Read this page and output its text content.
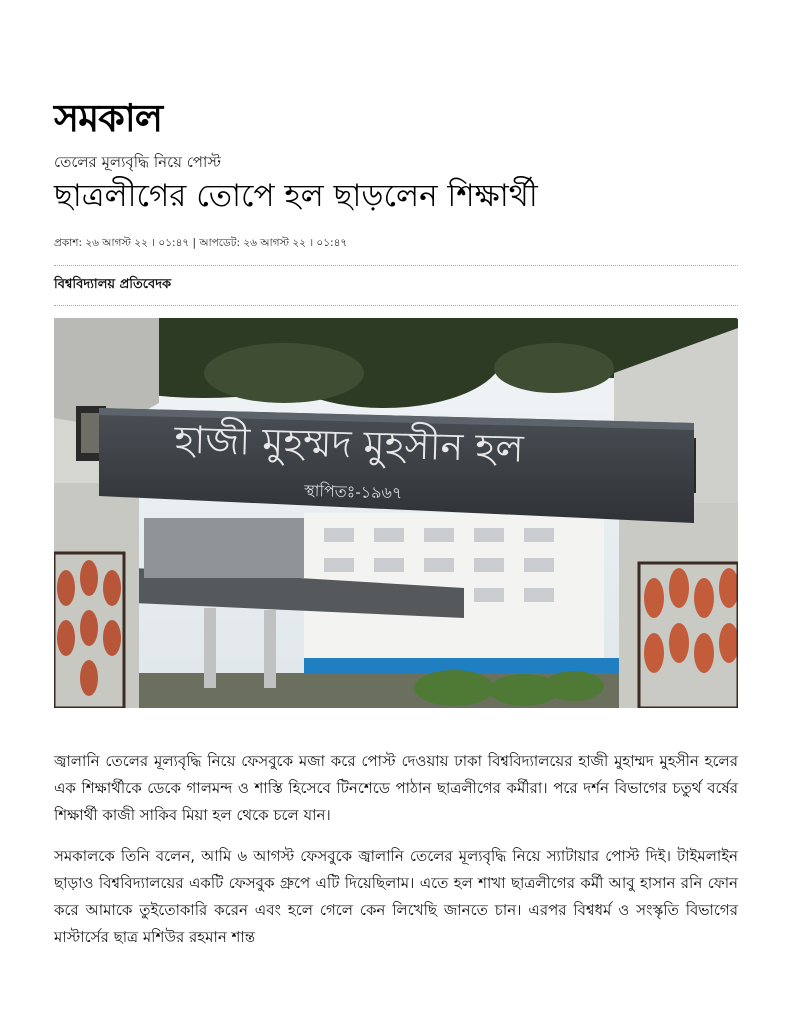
সমকাল
তেলের মূল্যবৃদ্ধি নিয়ে পোস্ট
ছাত্রলীগের তোপে হল ছাড়লেন শিক্ষার্থী
প্রকাশ: ২৬ আগস্ট ২২ । ০১:৪৭ | আপডেট: ২৬ আগস্ট ২২ । ০১:৪৭
বিশ্ববিদ্যালয় প্রতিবেদক
হাজী মুহম্মদ মুহসীন হল
স্থাপিতঃ-১৯৬৭

জ্বালানি তেলের মূল্যবৃদ্ধি নিয়ে ফেসবুকে মজা করে পোস্ট দেওয়ায় ঢাকা বিশ্ববিদ্যালয়ের হাজী মুহাম্মদ মুহসীন হলের এক শিক্ষার্থীকে ডেকে গালমন্দ ও শাস্তি হিসেবে টিনশেডে পাঠান ছাত্রলীগের কর্মীরা। পরে দর্শন বিভাগের চতুর্থ বর্ষের শিক্ষার্থী কাজী সাকিব মিয়া হল থেকে চলে যান।

সমকালকে তিনি বলেন, আমি ৬ আগস্ট ফেসবুকে জ্বালানি তেলের মূল্যবৃদ্ধি নিয়ে স্যাটায়ার পোস্ট দিই। টাইমলাইন ছাড়াও বিশ্ববিদ্যালয়ের একটি ফেসবুক গ্রুপে এটি দিয়েছিলাম। এতে হল শাখা ছাত্রলীগের কর্মী আবু হাসান রনি ফোন করে আমাকে তুইতোকারি করেন এবং হলে গেলে কেন লিখেছি জানতে চান। এরপর বিশ্বধর্ম ও সংস্কৃতি বিভাগের মাস্টার্সের ছাত্র মশিউর রহমান শান্ত
